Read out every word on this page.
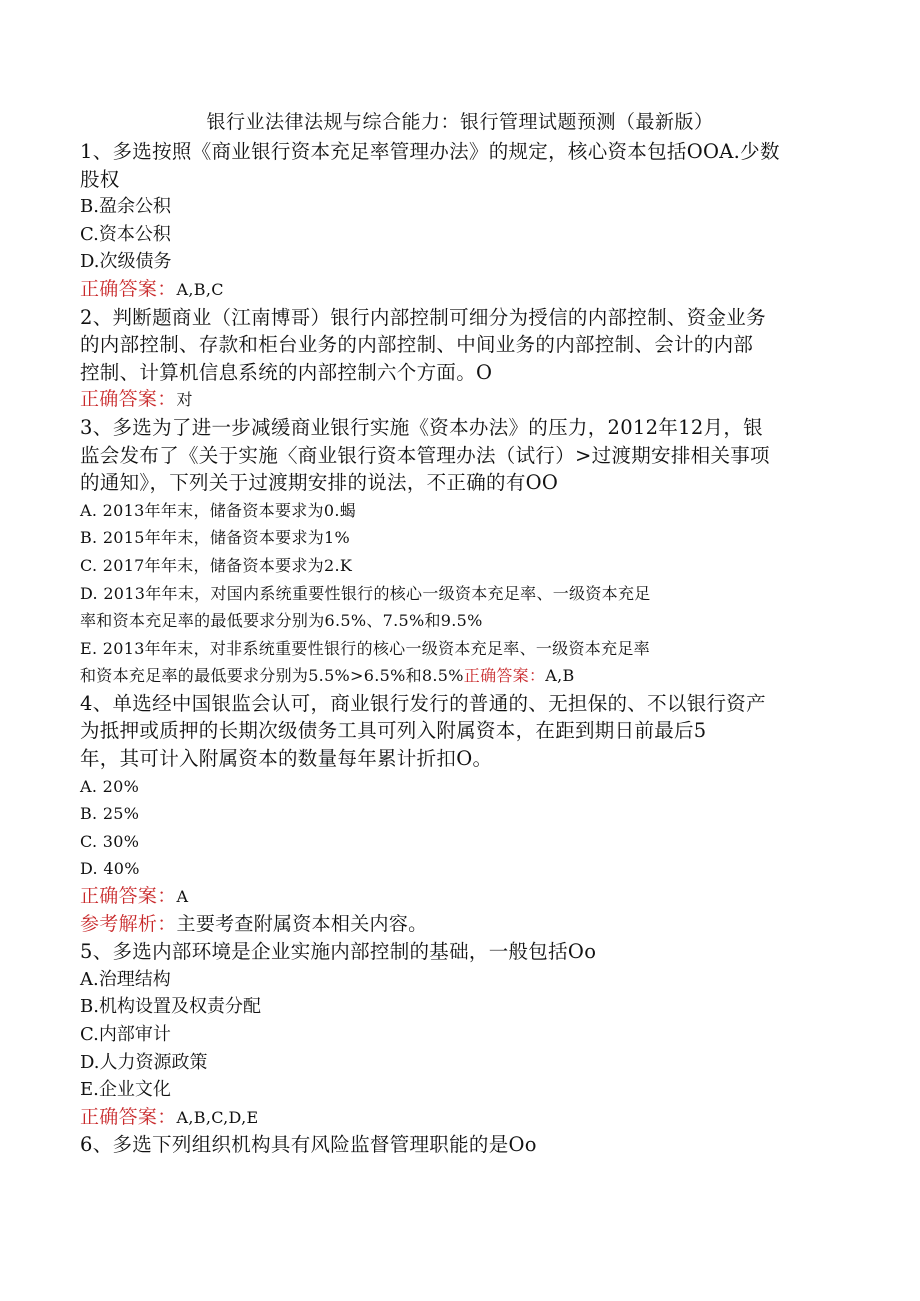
银行业法律法规与综合能力：银行管理试题预测（最新版）
1、多选按照《商业银行资本充足率管理办法》的规定，核心资本包括OOA.少数
股权
B.盈余公积
C.资本公积
D.次级债务
正确答案：A,B,C
2、判断题商业（江南博哥）银行内部控制可细分为授信的内部控制、资金业务
的内部控制、存款和柜台业务的内部控制、中间业务的内部控制、会计的内部
控制、计算机信息系统的内部控制六个方面。O
正确答案：对
3、多选为了进一步减缓商业银行实施《资本办法》的压力，2012年12月，银
监会发布了《关于实施〈商业银行资本管理办法（试行）>过渡期安排相关事项
的通知》，下列关于过渡期安排的说法，不正确的有OO
A. 2013年年末，储备资本要求为0.蝎
B. 2015年年末，储备资本要求为1%
C. 2017年年末，储备资本要求为2.K
D. 2013年年末，对国内系统重要性银行的核心一级资本充足率、一级资本充足
率和资本充足率的最低要求分别为6.5%、7.5%和9.5%
E. 2013年年末，对非系统重要性银行的核心一级资本充足率、一级资本充足率
和资本充足率的最低要求分别为5.5%>6.5%和8.5%正确答案：A,B
4、单选经中国银监会认可，商业银行发行的普通的、无担保的、不以银行资产
为抵押或质押的长期次级债务工具可列入附属资本，在距到期日前最后5
年，其可计入附属资本的数量每年累计折扣O。
A. 20%
B. 25%
C. 30%
D. 40%
正确答案：A
参考解析：主要考查附属资本相关内容。
5、多选内部环境是企业实施内部控制的基础，一般包括Oo
A.治理结构
B.机构设置及权责分配
C.内部审计
D.人力资源政策
E.企业文化
正确答案：A,B,C,D,E
6、多选下列组织机构具有风险监督管理职能的是Oo
